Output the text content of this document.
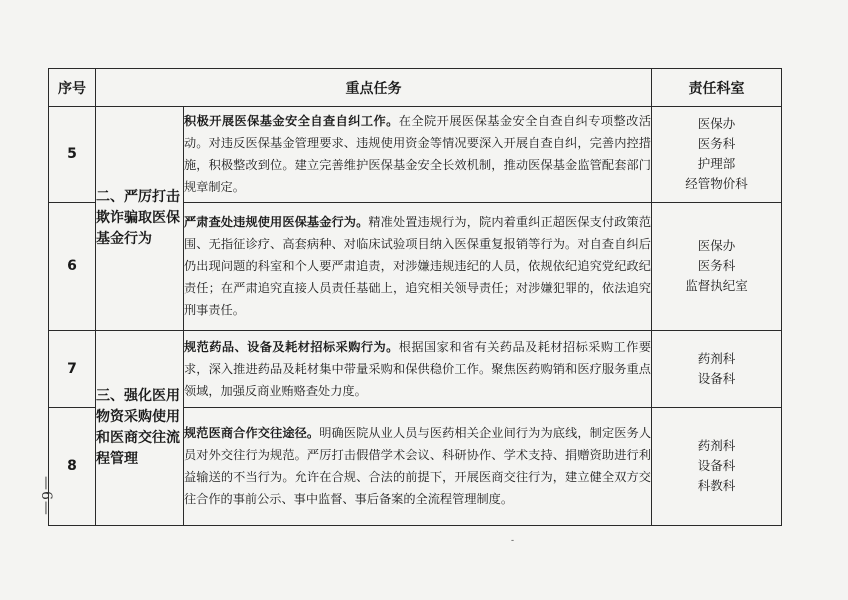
序号	重点任务		责任科室
5	二、严厉打击欺诈骗取医保基金行为	积极开展医保基金安全自查自纠工作。在全院开展医保基金安全自查自纠专项整改活动。对违反医保基金管理要求、违规使用资金等情况要深入开展自查自纠，完善内控措施，积极整改到位。建立完善维护医保基金安全长效机制，推动医保基金监管配套部门规章制定。	医保办
医务科
护理部
经管物价科

6		严肃查处违规使用医保基金行为。精准处置违规行为，院内着重纠正超医保支付政策范围、无指征诊疗、高套病种、对临床试验项目纳入医保重复报销等行为。对自查自纠后仍出现问题的科室和个人要严肃追责，对涉嫌违规违纪的人员，依规依纪追究党纪政纪责任；在严肃追究直接人员责任基础上，追究相关领导责任；对涉嫌犯罪的，依法追究刑事责任。	医保办
医务科
监督执纪室

7	三、强化医用物资采购使用和医商交往流程管理	规范药品、设备及耗材招标采购行为。根据国家和省有关药品及耗材招标采购工作要求，深入推进药品及耗材集中带量采购和保供稳价工作。聚焦医药购销和医疗服务重点领域，加强反商业贿赂查处力度。	药剂科
设备科

8		规范医商合作交往途径。明确医院从业人员与医药相关企业间行为为底线，制定医务人员对外交往行为规范。严厉打击假借学术会议、科研协作、学术支持、捐赠资助进行利益输送的不当行为。允许在合规、合法的前提下，开展医商交往行为，建立健全双方交往合作的事前公示、事中监督、事后备案的全流程管理制度。	药剂科
设备科
科教科
—6—
-
